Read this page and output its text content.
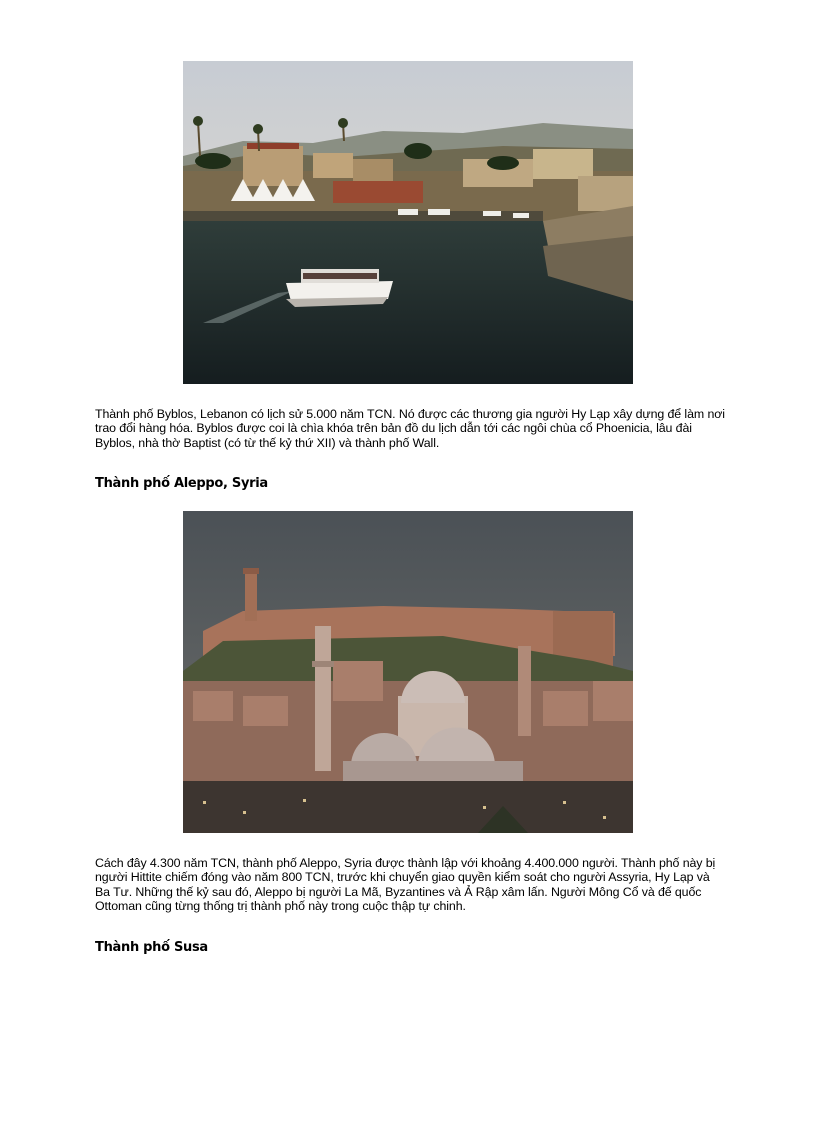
Thành phố Byblos, Lebanon có lịch sử 5.000 năm TCN. Nó được các thương gia người Hy Lạp xây dựng để làm nơi trao đổi hàng hóa. Byblos được coi là chìa khóa trên bản đồ du lịch dẫn tới các ngôi chùa cổ Phoenicia, lâu đài Byblos, nhà thờ Baptist (có từ thế kỷ thứ XII) và thành phố Wall.

Thành phố Aleppo, Syria

Cách đây 4.300 năm TCN, thành phố Aleppo, Syria được thành lập với khoảng 4.400.000 người. Thành phố này bị người Hittite chiếm đóng vào năm 800 TCN, trước khi chuyển giao quyền kiểm soát cho người Assyria, Hy Lạp và Ba Tư. Những thế kỷ sau đó, Aleppo bị người La Mã, Byzantines và Ả Rập xâm lấn. Người Mông Cổ và đế quốc Ottoman cũng từng thống trị thành phố này trong cuộc thập tự chinh.

Thành phố Susa
